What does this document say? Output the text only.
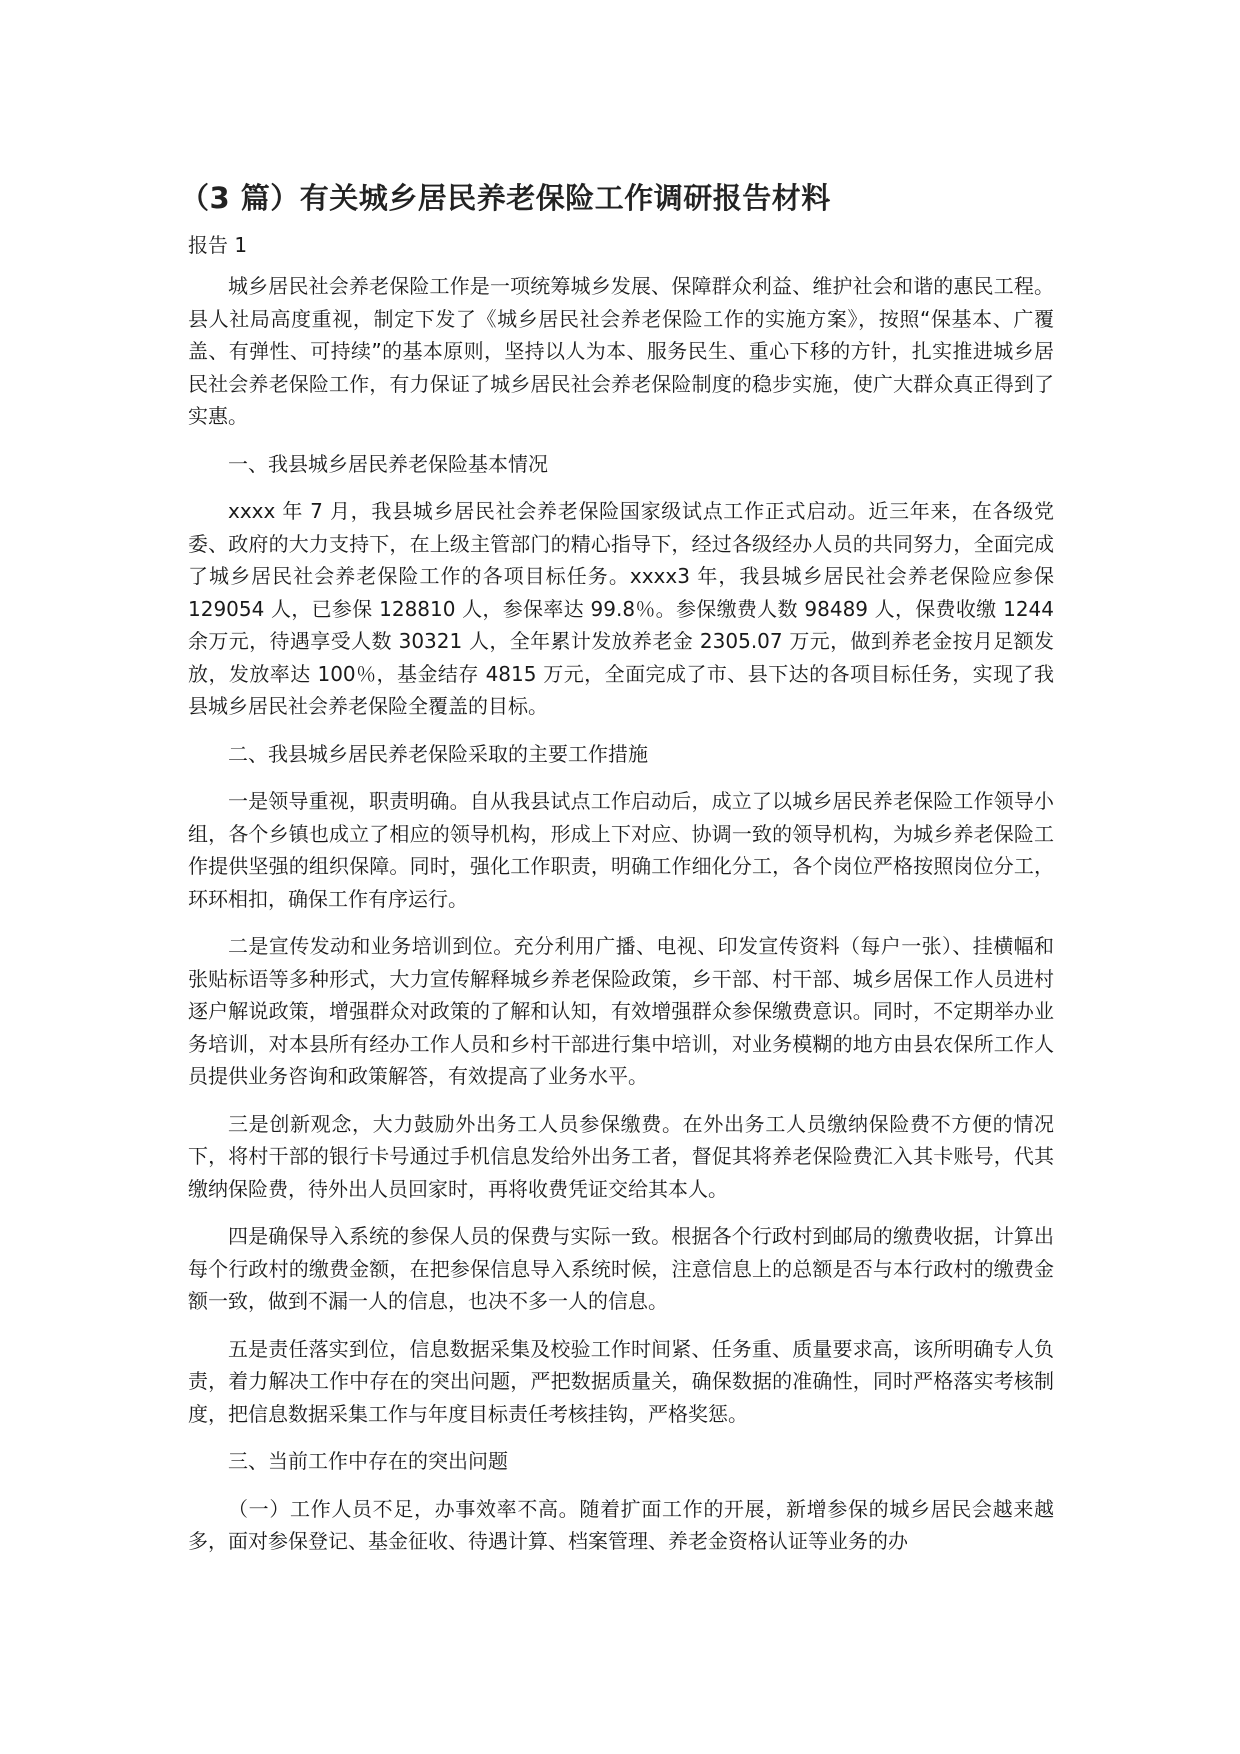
（3 篇）有关城乡居民养老保险工作调研报告材料
报告 1

城乡居民社会养老保险工作是一项统筹城乡发展、保障群众利益、维护社会和谐的惠民工程。县人社局高度重视，制定下发了《城乡居民社会养老保险工作的实施方案》，按照“保基本、广覆盖、有弹性、可持续”的基本原则，坚持以人为本、服务民生、重心下移的方针，扎实推进城乡居民社会养老保险工作，有力保证了城乡居民社会养老保险制度的稳步实施，使广大群众真正得到了实惠。

一、我县城乡居民养老保险基本情况

xxxx 年 7 月，我县城乡居民社会养老保险国家级试点工作正式启动。近三年来，在各级党委、政府的大力支持下，在上级主管部门的精心指导下，经过各级经办人员的共同努力，全面完成了城乡居民社会养老保险工作的各项目标任务。xxxx3 年，我县城乡居民社会养老保险应参保 129054 人，已参保 128810 人，参保率达 99.8％。参保缴费人数 98489 人，保费收缴 1244 余万元，待遇享受人数 30321 人，全年累计发放养老金 2305.07 万元，做到养老金按月足额发放，发放率达 100％，基金结存 4815 万元，全面完成了市、县下达的各项目标任务，实现了我县城乡居民社会养老保险全覆盖的目标。

二、我县城乡居民养老保险采取的主要工作措施

一是领导重视，职责明确。自从我县试点工作启动后，成立了以城乡居民养老保险工作领导小组，各个乡镇也成立了相应的领导机构，形成上下对应、协调一致的领导机构，为城乡养老保险工作提供坚强的组织保障。同时，强化工作职责，明确工作细化分工，各个岗位严格按照岗位分工，环环相扣，确保工作有序运行。

二是宣传发动和业务培训到位。充分利用广播、电视、印发宣传资料（每户一张）、挂横幅和张贴标语等多种形式，大力宣传解释城乡养老保险政策，乡干部、村干部、城乡居保工作人员进村逐户解说政策，增强群众对政策的了解和认知，有效增强群众参保缴费意识。同时，不定期举办业务培训，对本县所有经办工作人员和乡村干部进行集中培训，对业务模糊的地方由县农保所工作人员提供业务咨询和政策解答，有效提高了业务水平。

三是创新观念，大力鼓励外出务工人员参保缴费。在外出务工人员缴纳保险费不方便的情况下，将村干部的银行卡号通过手机信息发给外出务工者，督促其将养老保险费汇入其卡账号，代其缴纳保险费，待外出人员回家时，再将收费凭证交给其本人。

四是确保导入系统的参保人员的保费与实际一致。根据各个行政村到邮局的缴费收据，计算出每个行政村的缴费金额，在把参保信息导入系统时候，注意信息上的总额是否与本行政村的缴费金额一致，做到不漏一人的信息，也决不多一人的信息。

五是责任落实到位，信息数据采集及校验工作时间紧、任务重、质量要求高，该所明确专人负责，着力解决工作中存在的突出问题，严把数据质量关，确保数据的准确性，同时严格落实考核制度，把信息数据采集工作与年度目标责任考核挂钩，严格奖惩。

三、当前工作中存在的突出问题

（一）工作人员不足，办事效率不高。随着扩面工作的开展，新增参保的城乡居民会越来越多，面对参保登记、基金征收、待遇计算、档案管理、养老金资格认证等业务的办
